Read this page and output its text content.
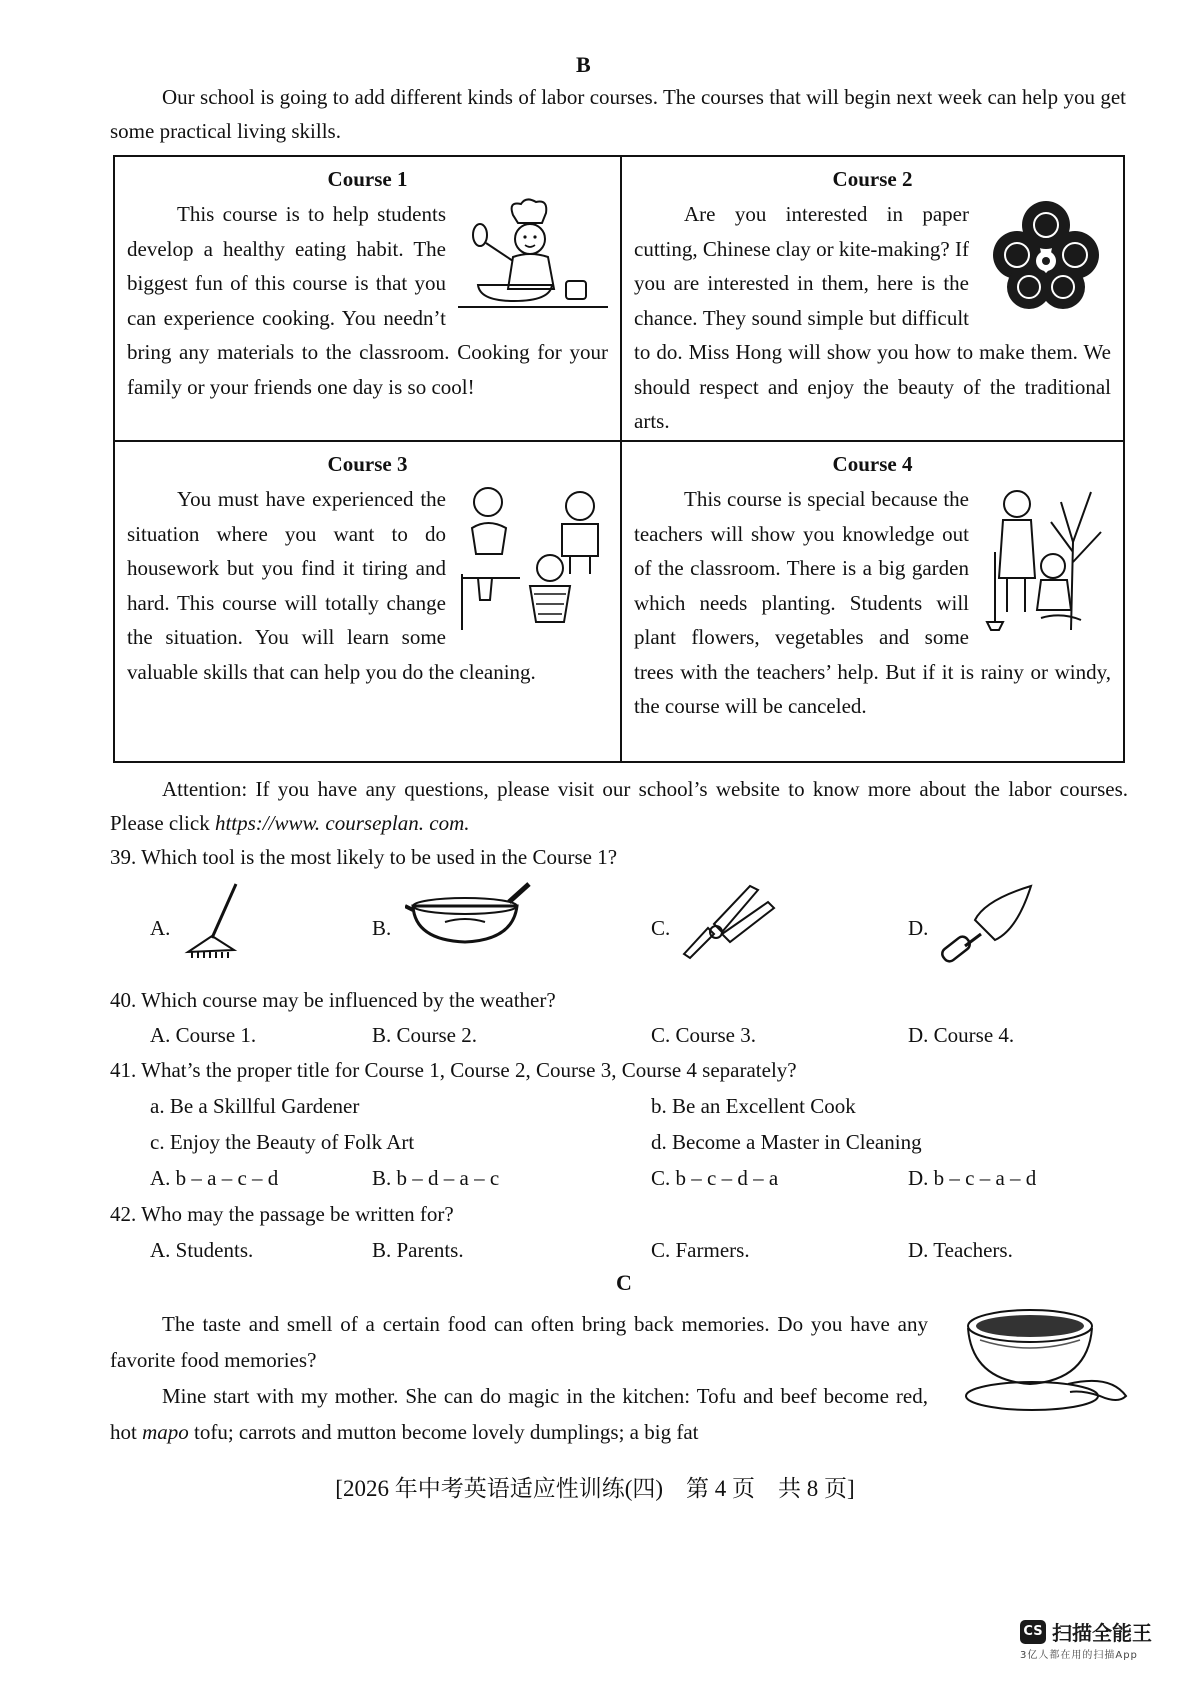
B
Our school is going to add different kinds of labor courses. The courses that will begin next week can help you get some practical living skills.
Course 1
This course is to help students develop a healthy eating habit. The biggest fun of this course is that you can experience cooking. You needn’t bring any materials to the classroom. Cooking for your family or your friends one day is so cool!
Course 2
Are you interested in paper cutting, Chinese clay or kite-making? If you are interested in them, here is the chance. They sound simple but difficult to do. Miss Hong will show you how to make them. We should respect and enjoy the beauty of the traditional arts.
Course 3
You must have experienced the situation where you want to do housework but you find it tiring and hard. This course will totally change the situation. You will learn some valuable skills that can help you do the cleaning.
Course 4
This course is special because the teachers will show you knowledge out of the classroom. There is a big garden which needs planting. Students will plant flowers, vegetables and some trees with the teachers’ help. But if it is rainy or windy, the course will be canceled.
Attention: If you have any questions, please visit our school’s website to know more about the labor courses. Please click https://www. courseplan. com.
39. Which tool is the most likely to be used in the Course 1?
A.	B.	C.	D.
40. Which course may be influenced by the weather?
A. Course 1.	B. Course 2.	C. Course 3.	D. Course 4.
41. What’s the proper title for Course 1, Course 2, Course 3, Course 4 separately?
a. Be a Skillful Gardener	b. Be an Excellent Cook
c. Enjoy the Beauty of Folk Art	d. Become a Master in Cleaning
A. b – a – c – d	B. b – d – a – c	C. b – c – d – a	D. b – c – a – d
42. Who may the passage be written for?
A. Students.	B. Parents.	C. Farmers.	D. Teachers.
C
The taste and smell of a certain food can often bring back memories. Do you have any favorite food memories?
Mine start with my mother. She can do magic in the kitchen: Tofu and beef become red, hot mapo tofu; carrots and mutton become lovely dumplings; a big fat
[2026 年中考英语适应性训练(四)　第 4 页　共 8 页]
CS 扫描全能王
3亿人都在用的扫描App
